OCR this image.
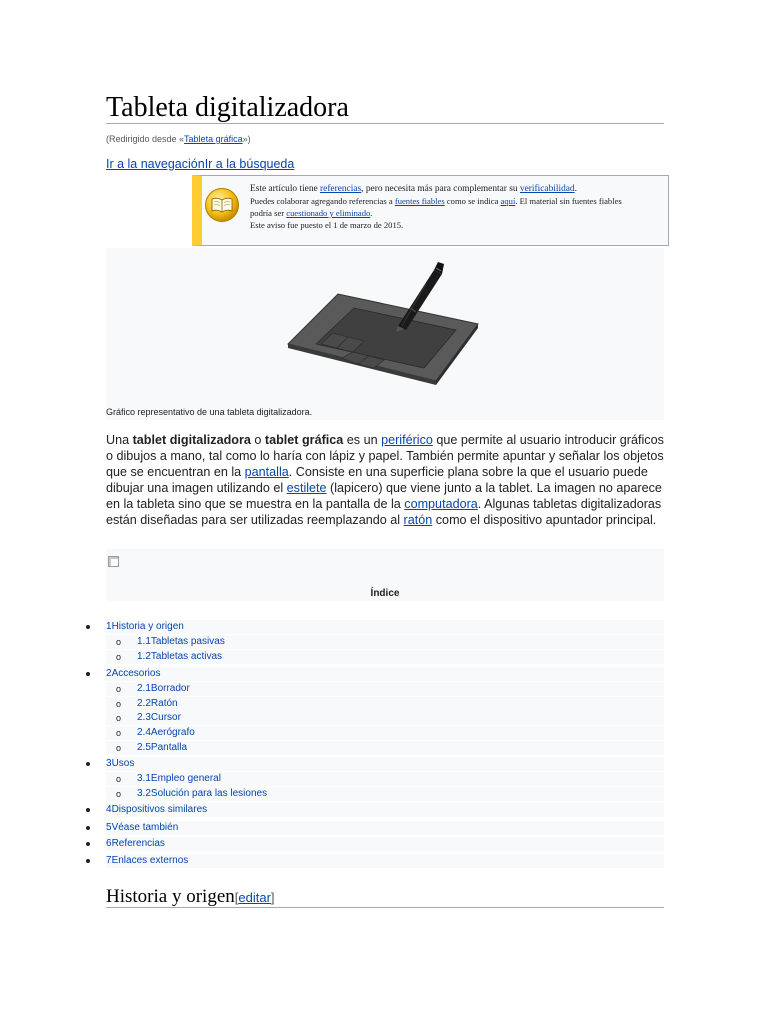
Tableta digitalizadora
(Redirigido desde «Tableta gráfica»)
Ir a la navegaciónIr a la búsqueda
Este artículo tiene referencias, pero necesita más para complementar su verificabilidad.
Puedes colaborar agregando referencias a fuentes fiables como se indica aquí. El material sin fuentes fiables
podría ser cuestionado y eliminado.
Este aviso fue puesto el 1 de marzo de 2015.
Gráfico representativo de una tableta digitalizadora.

Una tablet digitalizadora o tablet gráfica es un periférico que permite al usuario introducir gráficos o dibujos a mano, tal como lo haría con lápiz y papel. También permite apuntar y señalar los objetos que se encuentran en la pantalla. Consiste en una superficie plana sobre la que el usuario puede dibujar una imagen utilizando el estilete (lapicero) que viene junto a la tablet. La imagen no aparece en la tableta sino que se muestra en la pantalla de la computadora. Algunas tabletas digitalizadoras están diseñadas para ser utilizadas reemplazando al ratón como el dispositivo apuntador principal.

Índice
1Historia y origen
o 1.1Tabletas pasivas
o 1.2Tabletas activas
2Accesorios
o 2.1Borrador
o 2.2Ratón
o 2.3Cursor
o 2.4Aerógrafo
o 2.5Pantalla
3Usos
o 3.1Empleo general
o 3.2Solución para las lesiones
4Dispositivos similares
5Véase también
6Referencias
7Enlaces externos
Historia y origen[editar]
